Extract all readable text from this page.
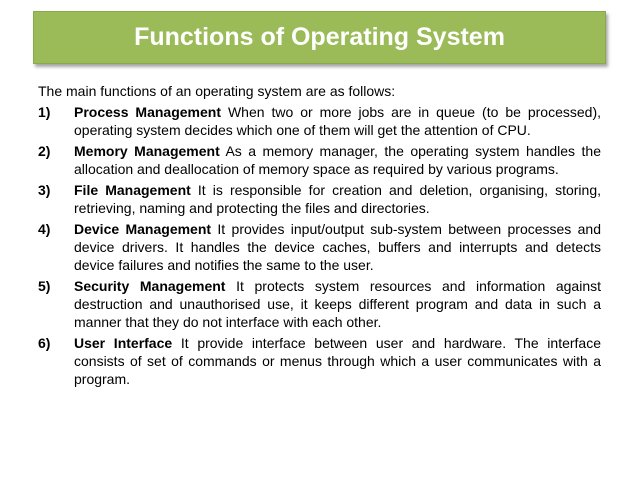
Functions of Operating System

The main functions of an operating system are as follows:

1)	Process Management When two or more jobs are in queue (to be processed), operating system decides which one of them will get the attention of CPU.
2)	Memory Management As a memory manager, the operating system handles the allocation and deallocation of memory space as required by various programs.
3)	File Management It is responsible for creation and deletion, organising, storing, retrieving, naming and protecting the files and directories.
4)	Device Management It provides input/output sub-system between processes and device drivers. It handles the device caches, buffers and interrupts and detects device failures and notifies the same to the user.
5)	Security Management It protects system resources and information against destruction and unauthorised use, it keeps different program and data in such a manner that they do not interface with each other.
6)	User Interface It provide interface between user and hardware. The interface consists of set of commands or menus through which a user communicates with a program.
